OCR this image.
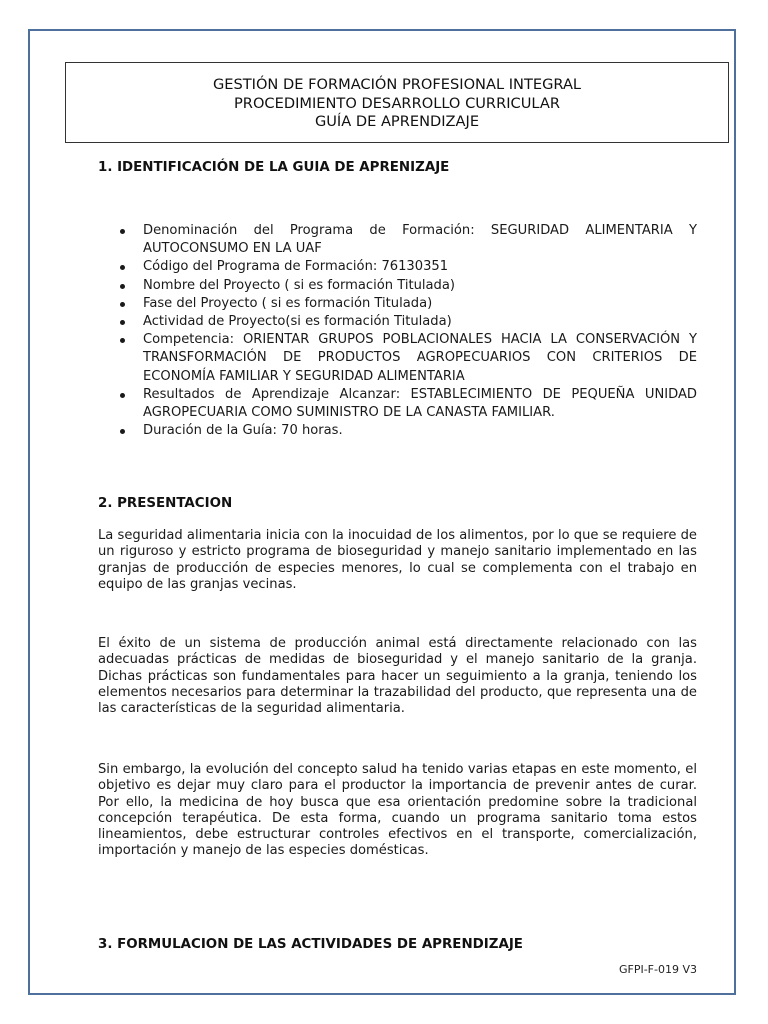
GESTIÓN DE FORMACIÓN PROFESIONAL INTEGRAL
PROCEDIMIENTO DESARROLLO CURRICULAR
GUÍA DE APRENDIZAJE
1. IDENTIFICACIÓN DE LA GUIA DE APRENIZAJE
Denominación del Programa de Formación: SEGURIDAD ALIMENTARIA Y AUTOCONSUMO EN LA UAF
Código del Programa de Formación: 76130351
Nombre del Proyecto ( si es formación Titulada)
Fase del Proyecto ( si es formación Titulada)
Actividad de Proyecto(si es formación Titulada)
Competencia: ORIENTAR GRUPOS POBLACIONALES HACIA LA CONSERVACIÓN Y TRANSFORMACIÓN DE PRODUCTOS AGROPECUARIOS CON CRITERIOS DE ECONOMÍA FAMILIAR Y SEGURIDAD ALIMENTARIA
Resultados de Aprendizaje Alcanzar: ESTABLECIMIENTO DE PEQUEÑA UNIDAD AGROPECUARIA COMO SUMINISTRO DE LA CANASTA FAMILIAR.
Duración de la Guía: 70 horas.
2. PRESENTACION

La seguridad alimentaria inicia con la inocuidad de los alimentos, por lo que se requiere de un riguroso y estricto programa de bioseguridad y manejo sanitario implementado en las granjas de producción de especies menores, lo cual se complementa con el trabajo en equipo de las granjas vecinas.

El éxito de un sistema de producción animal está directamente relacionado con las adecuadas prácticas de medidas de bioseguridad y el manejo sanitario de la granja. Dichas prácticas son fundamentales para hacer un seguimiento a la granja, teniendo los elementos necesarios para determinar la trazabilidad del producto, que representa una de las características de la seguridad alimentaria.

Sin embargo, la evolución del concepto salud ha tenido varias etapas en este momento, el objetivo es dejar muy claro para el productor la importancia de prevenir antes de curar. Por ello, la medicina de hoy busca que esa orientación predomine sobre la tradicional concepción terapéutica. De esta forma, cuando un programa sanitario toma estos lineamientos, debe estructurar controles efectivos en el transporte, comercialización, importación y manejo de las especies domésticas.

3. FORMULACION DE LAS ACTIVIDADES DE APRENDIZAJE
GFPI-F-019 V3
